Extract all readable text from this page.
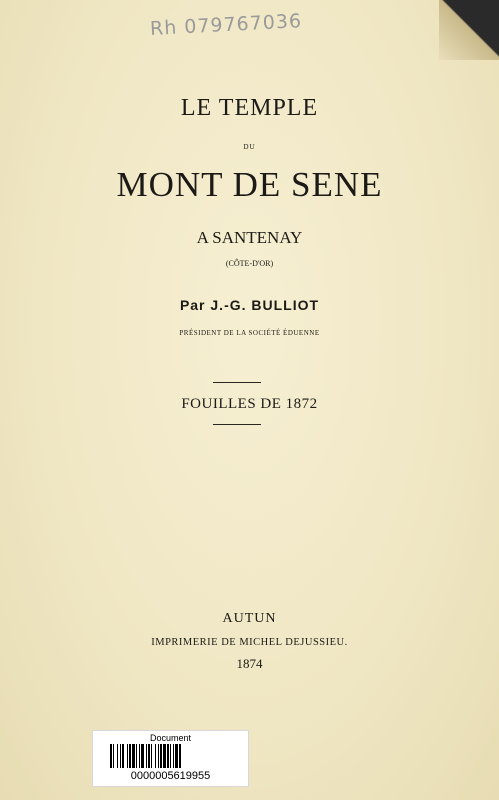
Rh 079767036
LE TEMPLE
DU
MONT DE SENE
A SANTENAY
(CÔTE-D'OR)
Par J.-G. BULLIOT
PRÉSIDENT DE LA SOCIÉTÉ ÉDUENNE
FOUILLES DE 1872
AUTUN
IMPRIMERIE DE MICHEL DEJUSSIEU.
1874
Document
0000005619955
